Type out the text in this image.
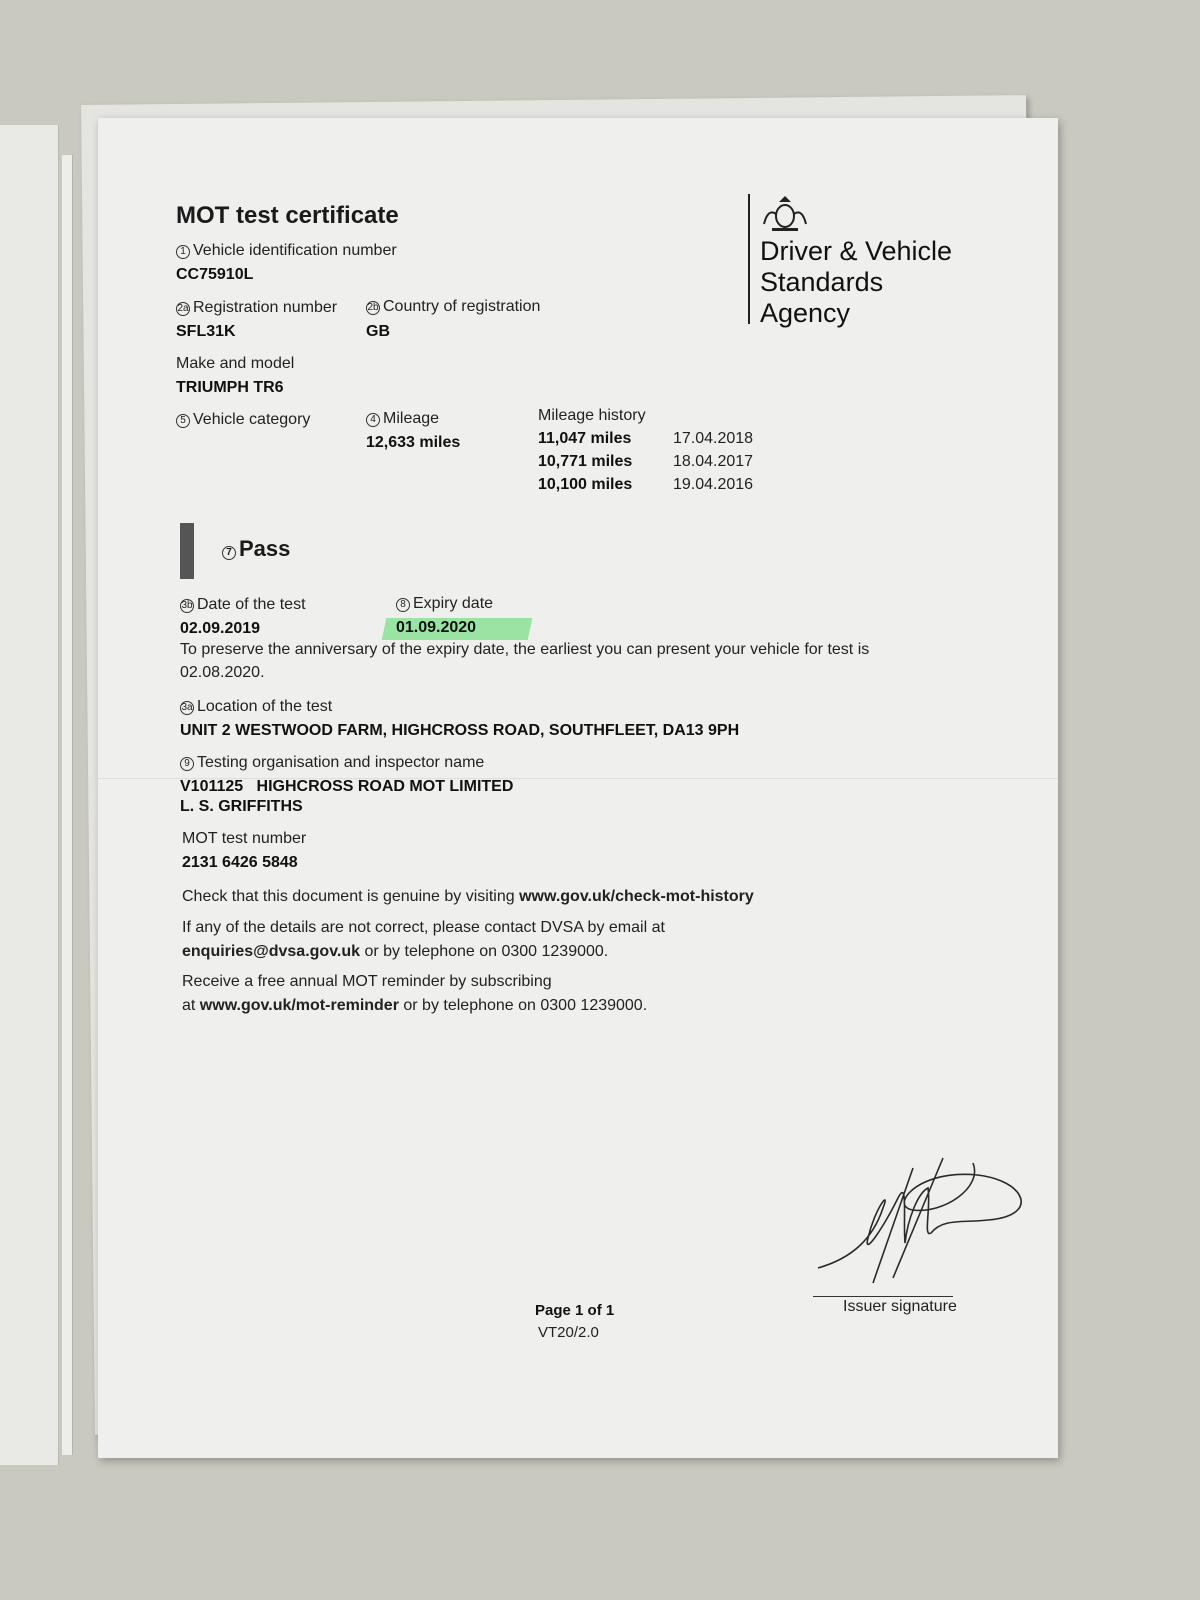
MOT test certificate
Driver & Vehicle
Standards
Agency
1 Vehicle identification number
CC75910L
2a Registration number
SFL31K
2b Country of registration
GB
Make and model
TRIUMPH TR6
5 Vehicle category	4 Mileage
12,633 miles
Mileage history
11,047 miles	17.04.2018
10,771 miles	18.04.2017
10,100 miles	19.04.2016
7 Pass
3b Date of the test
02.09.2019
8 Expiry date
01.09.2020
To preserve the anniversary of the expiry date, the earliest you can present your vehicle for test is
02.08.2020.
3a Location of the test
UNIT 2 WESTWOOD FARM, HIGHCROSS ROAD, SOUTHFLEET, DA13 9PH
9 Testing organisation and inspector name
V101125   HIGHCROSS ROAD MOT LIMITED
L. S. GRIFFITHS
MOT test number
2131 6426 5848
Check that this document is genuine by visiting www.gov.uk/check-mot-history
If any of the details are not correct, please contact DVSA by email at
enquiries@dvsa.gov.uk or by telephone on 0300 1239000.
Receive a free annual MOT reminder by subscribing
at www.gov.uk/mot-reminder or by telephone on 0300 1239000.
Issuer signature
Page 1 of 1
VT20/2.0
